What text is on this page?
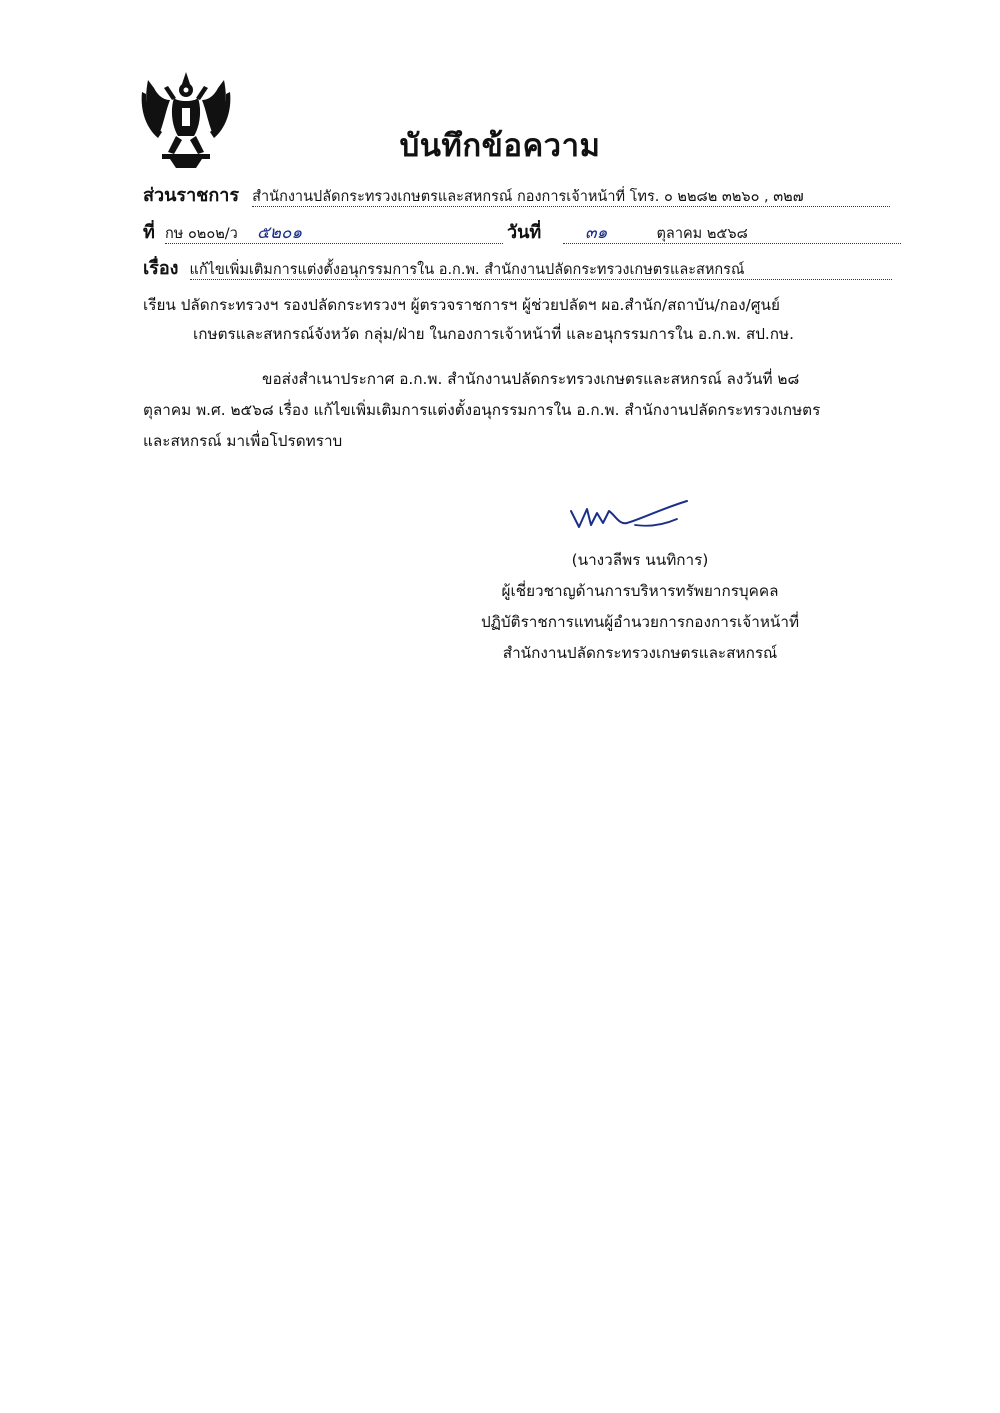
บันทึกข้อความ
ส่วนราชการ สำนักงานปลัดกระทรวงเกษตรและสหกรณ์ กองการเจ้าหน้าที่ โทร. ๐ ๒๒๘๒ ๓๒๖๐ , ๓๒๗
ที่ กษ ๐๒๐๒/ว ๕๒๐๑	วันที่	๓๑	ตุลาคม ๒๕๖๘
เรื่อง แก้ไขเพิ่มเติมการแต่งตั้งอนุกรรมการใน อ.ก.พ. สำนักงานปลัดกระทรวงเกษตรและสหกรณ์
เรียน ปลัดกระทรวงฯ รองปลัดกระทรวงฯ ผู้ตรวจราชการฯ ผู้ช่วยปลัดฯ ผอ.สำนัก/สถาบัน/กอง/ศูนย์
เกษตรและสหกรณ์จังหวัด กลุ่ม/ฝ่าย ในกองการเจ้าหน้าที่ และอนุกรรมการใน อ.ก.พ. สป.กษ.
ขอส่งสำเนาประกาศ อ.ก.พ. สำนักงานปลัดกระทรวงเกษตรและสหกรณ์ ลงวันที่ ๒๘
ตุลาคม พ.ศ. ๒๕๖๘ เรื่อง แก้ไขเพิ่มเติมการแต่งตั้งอนุกรรมการใน อ.ก.พ. สำนักงานปลัดกระทรวงเกษตร
และสหกรณ์ มาเพื่อโปรดทราบ
(นางวลีพร นนทิการ)
ผู้เชี่ยวชาญด้านการบริหารทรัพยากรบุคคล
ปฏิบัติราชการแทนผู้อำนวยการกองการเจ้าหน้าที่
สำนักงานปลัดกระทรวงเกษตรและสหกรณ์
